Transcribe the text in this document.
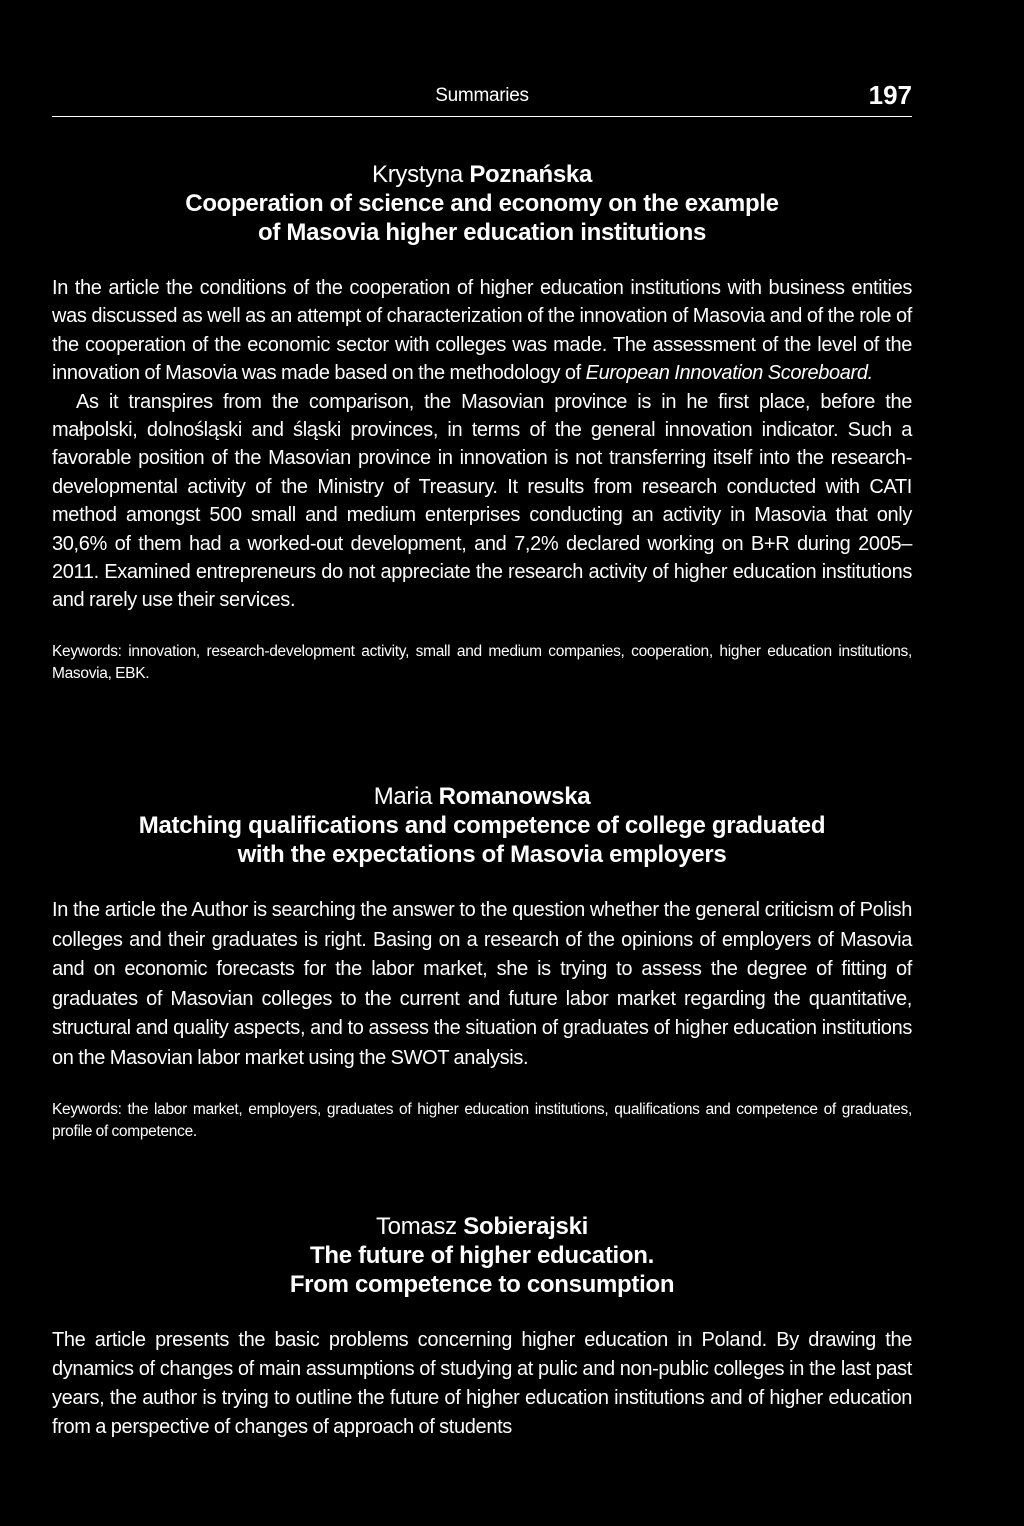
Summaries	197
Krystyna Poznańska
Cooperation of science and economy on the example
of Masovia higher education institutions

In the article the conditions of the cooperation of higher education institutions with business entities was discussed as well as an attempt of characterization of the innovation of Masovia and of the role of the cooperation of the economic sector with colleges was made. The assessment of the level of the innovation of Masovia was made based on the methodology of European Innovation Scoreboard.

As it transpires from the comparison, the Masovian province is in he first place, before the małpolski, dolnośląski and śląski provinces, in terms of the general innovation indicator. Such a favorable position of the Masovian province in innovation is not transferring itself into the research-developmental activity of the Ministry of Treasury. It results from research conducted with CATI method amongst 500 small and medium enterprises conducting an activity in Masovia that only 30,6% of them had a worked-out development, and 7,2% declared working on B+R during 2005–2011. Examined entrepreneurs do not appreciate the research activity of higher education institutions and rarely use their services.

Keywords: innovation, research-development activity, small and medium companies, cooperation, higher education institutions, Masovia, EBK.
Maria Romanowska
Matching qualifications and competence of college graduated
with the expectations of Masovia employers

In the article the Author is searching the answer to the question whether the general criticism of Polish colleges and their graduates is right. Basing on a research of the opinions of employers of Masovia and on economic forecasts for the labor market, she is trying to assess the degree of fitting of graduates of Masovian colleges to the current and future labor market regarding the quantitative, structural and quality aspects, and to assess the situation of graduates of higher education institutions on the Masovian labor market using the SWOT analysis.

Keywords: the labor market, employers, graduates of higher education institutions, qualifications and competence of graduates, profile of competence.
Tomasz Sobierajski
The future of higher education.
From competence to consumption

The article presents the basic problems concerning higher education in Poland. By drawing the dynamics of changes of main assumptions of studying at pulic and non-public colleges in the last past years, the author is trying to outline the future of higher education institutions and of higher education from a perspective of changes of approach of students
